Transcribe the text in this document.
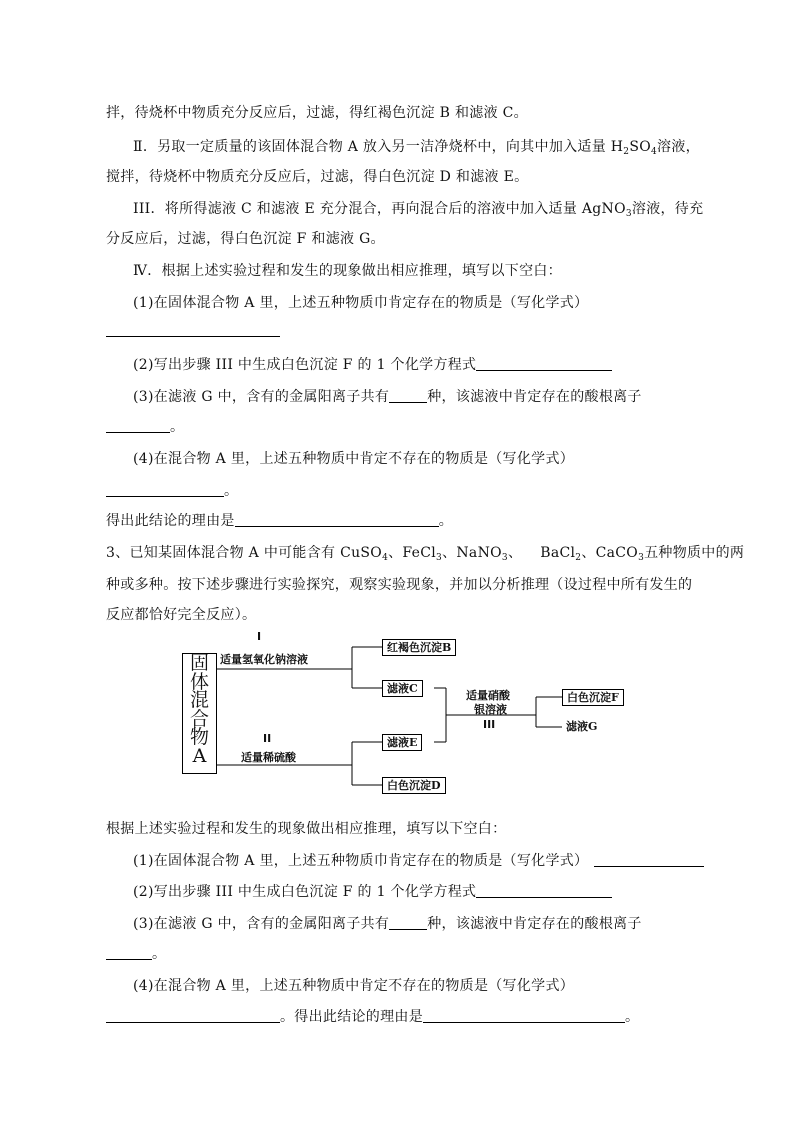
拌，待烧杯中物质充分反应后，过滤，得红褐色沉淀 B 和滤液 C。
Ⅱ．另取一定质量的该固体混合物 A 放入另一洁净烧杯中，向其中加入适量 $H_2SO_4$溶液，
搅拌，待烧杯中物质充分反应后，过滤，得白色沉淀 D 和滤液 E。
III．将所得滤液 C 和滤液 E 充分混合，再向混合后的溶液中加入适量 AgNO$_3$溶液，待充
分反应后，过滤，得白色沉淀 F 和滤液 G。
Ⅳ．根据上述实验过程和发生的现象做出相应推理，填写以下空白：
(1)在固体混合物 A 里，上述五种物质巾肯定存在的物质是（写化学式）
(2)写出步骤 III 中生成白色沉淀 F 的 1 个化学方程式
(3)在滤液 G 中，含有的金属阳离子共有	种，该滤液中肯定存在的酸根离子
。
(4)在混合物 A 里，上述五种物质中肯定不存在的物质是（写化学式）
。
得出此结论的理由是	。
3、已知某固体混合物 A 中可能含有 CuSO$_4$、FeCl$_3$、NaNO$_3$、 BaCl$_2$、CaCO$_3$五种物质中的两
种或多种。按下述步骤进行实验探究，观察实验现象，并加以分析推理（设过程中所有发生的
反应都恰好完全反应）。
固
体
混
合
物
A
I
适量氢氧化钠溶液
II
适量稀硫酸
红褐色沉淀B
滤液C
滤液E
白色沉淀D
适量硝酸
银溶液
III
白色沉淀F
滤液G
根据上述实验过程和发生的现象做出相应推理，填写以下空白：
(1)在固体混合物 A 里，上述五种物质巾肯定存在的物质是（写化学式）
(2)写出步骤 III 中生成白色沉淀 F 的 1 个化学方程式
(3)在滤液 G 中，含有的金属阳离子共有	种，该滤液中肯定存在的酸根离子
。
(4)在混合物 A 里，上述五种物质中肯定不存在的物质是（写化学式）
。得出此结论的理由是	。
